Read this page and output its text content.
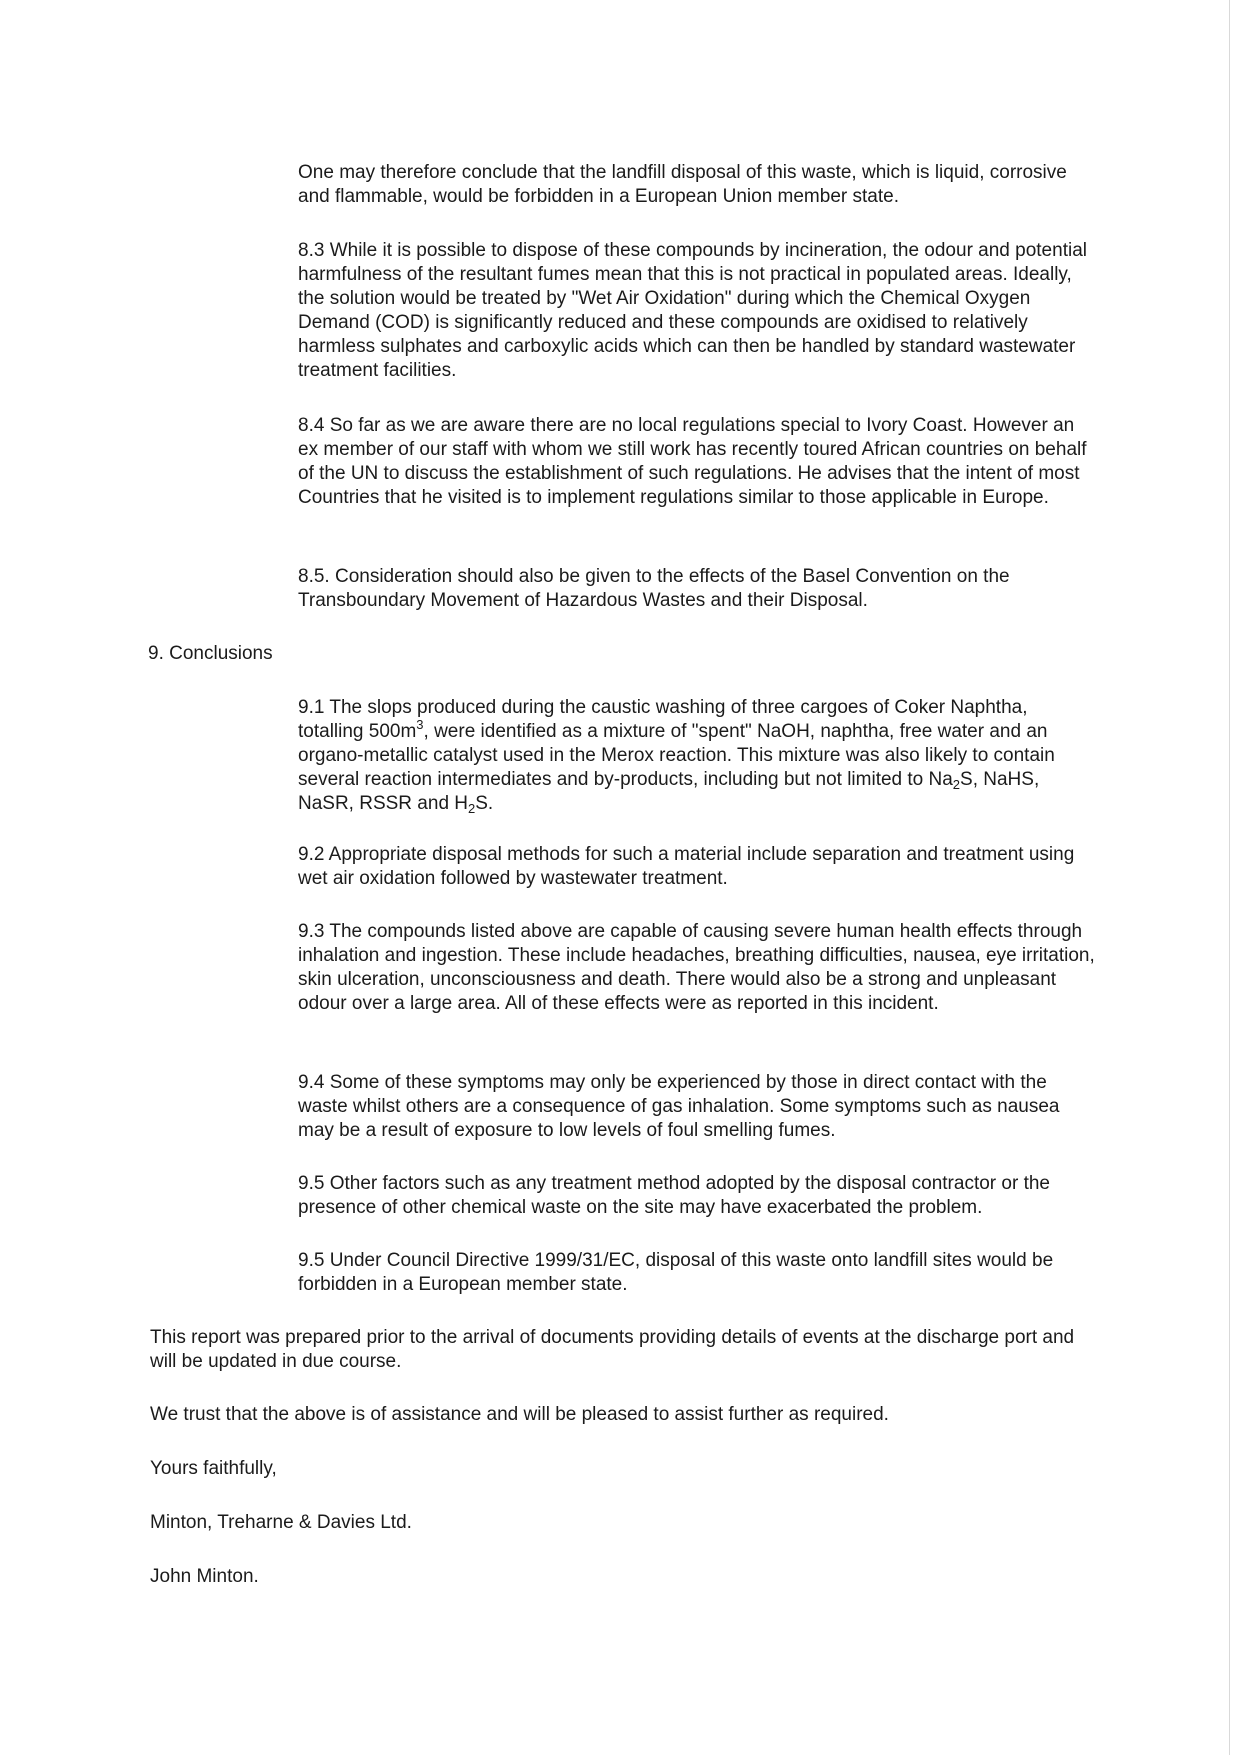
One may therefore conclude that the landfill disposal of this waste, which is liquid, corrosive and flammable, would be forbidden in a European Union member state.

8.3 While it is possible to dispose of these compounds by incineration, the odour and potential harmfulness of the resultant fumes mean that this is not practical in populated areas. Ideally, the solution would be treated by "Wet Air Oxidation" during which the Chemical Oxygen Demand (COD) is significantly reduced and these compounds are oxidised to relatively harmless sulphates and carboxylic acids which can then be handled by standard wastewater treatment facilities.

8.4 So far as we are aware there are no local regulations special to Ivory Coast. However an ex member of our staff with whom we still work has recently toured African countries on behalf of the UN to discuss the establishment of such regulations. He advises that the intent of most Countries that he visited is to implement regulations similar to those applicable in Europe.

8.5. Consideration should also be given to the effects of the Basel Convention on the Transboundary Movement of Hazardous Wastes and their Disposal.

9. Conclusions

9.1 The slops produced during the caustic washing of three cargoes of Coker Naphtha, totalling $500m^3$, were identified as a mixture of "spent" NaOH, naphtha, free water and an organo-metallic catalyst used in the Merox reaction. This mixture was also likely to contain several reaction intermediates and by-products, including but not limited to $Na_2S$, NaHS, NaSR, RSSR and $H_2S$.

9.2 Appropriate disposal methods for such a material include separation and treatment using wet air oxidation followed by wastewater treatment.

9.3 The compounds listed above are capable of causing severe human health effects through inhalation and ingestion. These include headaches, breathing difficulties, nausea, eye irritation, skin ulceration, unconsciousness and death. There would also be a strong and unpleasant odour over a large area. All of these effects were as reported in this incident.

9.4 Some of these symptoms may only be experienced by those in direct contact with the waste whilst others are a consequence of gas inhalation. Some symptoms such as nausea may be a result of exposure to low levels of foul smelling fumes.

9.5 Other factors such as any treatment method adopted by the disposal contractor or the presence of other chemical waste on the site may have exacerbated the problem.

9.5 Under Council Directive 1999/31/EC, disposal of this waste onto landfill sites would be forbidden in a European member state.

This report was prepared prior to the arrival of documents providing details of events at the discharge port and will be updated in due course.

We trust that the above is of assistance and will be pleased to assist further as required.

Yours faithfully,

Minton, Treharne & Davies Ltd.

John Minton.
